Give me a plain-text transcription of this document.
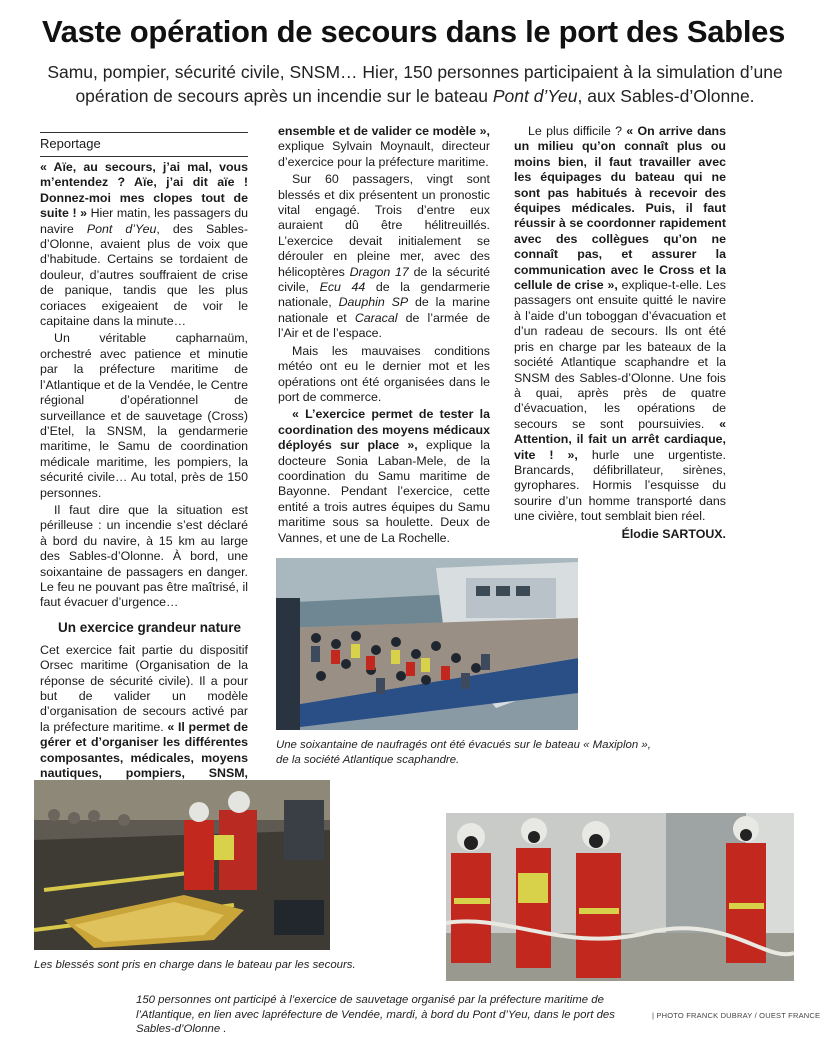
Vaste opération de secours dans le port des Sables

Samu, pompier, sécurité civile, SNSM… Hier, 150 personnes participaient à la simulation d’une opération de secours après un incendie sur le bateau Pont d’Yeu, aux Sables-d’Olonne.

Reportage

« Aïe, au secours, j’ai mal, vous m’entendez ? Aïe, j’ai dit aïe ! Donnez-moi mes clopes tout de suite ! » Hier matin, les passagers du navire Pont d’Yeu, des Sables-d’Olonne, avaient plus de voix que d’habitude. Certains se tordaient de douleur, d’autres souffraient de crise de panique, tandis que les plus coriaces exigeaient de voir le capitaine dans la minute…

Un véritable capharnaüm, orchestré avec patience et minutie par la préfecture maritime de l’Atlantique et de la Vendée, le Centre régional d’opérationnel de surveillance et de sauvetage (Cross) d’Etel, la SNSM, la gendarmerie maritime, le Samu de coordination médicale maritime, les pompiers, la sécurité civile… Au total, près de 150 personnes.

Il faut dire que la situation est périlleuse : un incendie s’est déclaré à bord du navire, à 15 km au large des Sables-d’Olonne. À bord, une soixantaine de passagers en danger. Le feu ne pouvant pas être maîtrisé, il faut évacuer d’urgence…

Un exercice grandeur nature

Cet exercice fait partie du dispositif Orsec maritime (Organisation de la réponse de sécurité civile). Il a pour but de valider un modèle d’organisation de secours activé par la préfecture maritime. « Il permet de gérer et d’organiser les différentes composantes, médicales, moyens nautiques, pompiers, SNSM,

ensemble et de valider ce modèle », explique Sylvain Moynault, directeur d’exercice pour la préfecture maritime.

Sur 60 passagers, vingt sont blessés et dix présentent un pronostic vital engagé. Trois d’entre eux auraient dû être hélitreuillés. L’exercice devait initialement se dérouler en pleine mer, avec des hélicoptères Dragon 17 de la sécurité civile, Ecu 44 de la gendarmerie nationale, Dauphin SP de la marine nationale et Caracal de l’armée de l’Air et de l’espace.

Mais les mauvaises conditions météo ont eu le dernier mot et les opérations ont été organisées dans le port de commerce.

« L’exercice permet de tester la coordination des moyens médicaux déployés sur place », explique la docteure Sonia Laban-Mele, de la coordination du Samu maritime de Bayonne. Pendant l’exercice, cette entité a trois autres équipes du Samu maritime sous sa houlette. Deux de Vannes, et une de La Rochelle.

Le plus difficile ? « On arrive dans un milieu qu’on connaît plus ou moins bien, il faut travailler avec les équipages du bateau qui ne sont pas habitués à recevoir des équipes médicales. Puis, il faut réussir à se coordonner rapidement avec des collègues qu’on ne connaît pas, et assurer la communication avec le Cross et la cellule de crise », explique-t-elle. Les passagers ont ensuite quitté le navire à l’aide d’un toboggan d’évacuation et d’un radeau de secours. Ils ont été pris en charge par les bateaux de la société Atlantique scaphandre et la SNSM des Sables-d’Olonne. Une fois à quai, après près de quatre d’évacuation, les opérations de secours se sont poursuivies. « Attention, il fait un arrêt cardiaque, vite ! », hurle une urgentiste. Brancards, défibrillateur, sirènes, gyrophares. Hormis l’esquisse du sourire d’un homme transporté dans une civière, tout semblait bien réel.

Élodie SARTOUX.
Une soixantaine de naufragés ont été évacués sur le bateau « Maxiplon », de la société Atlantique scaphandre.
Les blessés sont pris en charge dans le bateau par les secours.
150 personnes ont participé à l’exercice de sauvetage organisé par la préfecture maritime de l’Atlantique, en lien avec lapréfecture de Vendée, mardi, à bord du Pont d’Yeu, dans le port des Sables-d’Olonne .
| PHOTO FRANCK DUBRAY / OUEST FRANCE
